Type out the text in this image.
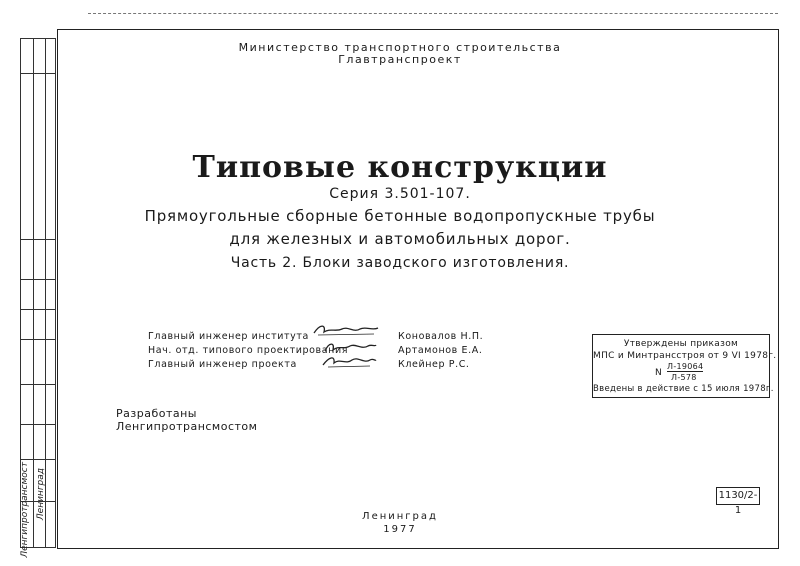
Ленгипротрансмост Ленинград
Министерство транспортного строительства
Главтранспроект
Типовые конструкции
Серия 3.501-107.
Прямоугольные сборные бетонные водопропускные трубы
для железных и автомобильных дорог.
Часть 2. Блоки заводского изготовления.
Главный инженер института	Коновалов Н.П.
Нач. отд. типового проектирования	Артамонов Е.А.
Главный инженер проекта	Клейнер Р.С.
Утверждены приказом
МПС и Минтрансстроя от 9 VI 1978г.
N
Л-19064
Л-578
Введены в действие с 15 июля 1978г.
Разработаны
Ленгипротрансмостом
1130/2-1
Ленинград
1977
